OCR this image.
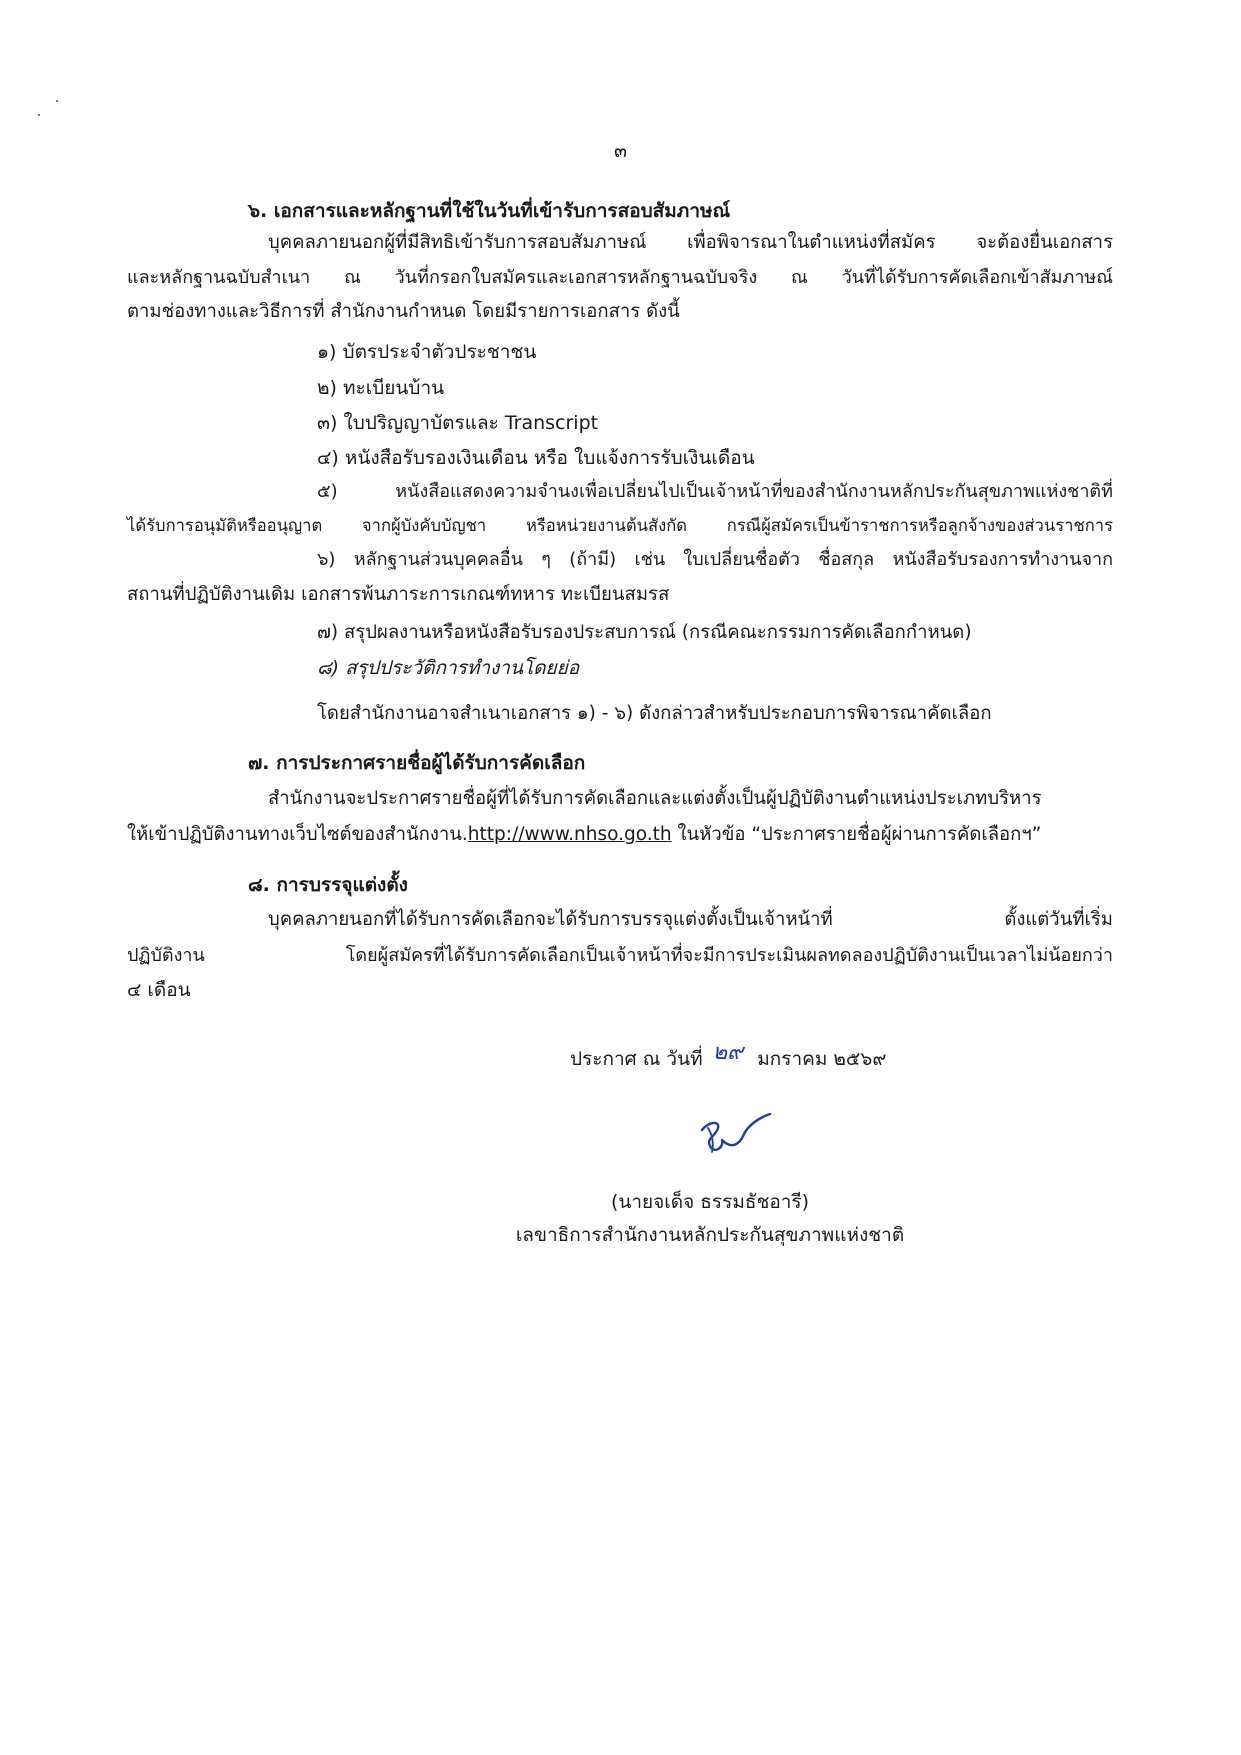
๓
๖. เอกสารและหลักฐานที่ใช้ในวันที่เข้ารับการสอบสัมภาษณ์
บุคคลภายนอกผู้ที่มีสิทธิเข้ารับการสอบสัมภาษณ์ เพื่อพิจารณาในตำแหน่งที่สมัคร จะต้องยื่นเอกสาร
และหลักฐานฉบับสำเนา ณ วันที่กรอกใบสมัครและเอกสารหลักฐานฉบับจริง ณ วันที่ได้รับการคัดเลือกเข้าสัมภาษณ์
ตามช่องทางและวิธีการที่ สำนักงานกำหนด โดยมีรายการเอกสาร ดังนี้
๑) บัตรประจำตัวประชาชน
๒) ทะเบียนบ้าน
๓) ใบปริญญาบัตรและ Transcript
๔) หนังสือรับรองเงินเดือน หรือ ใบแจ้งการรับเงินเดือน
๕) หนังสือแสดงความจำนงเพื่อเปลี่ยนไปเป็นเจ้าหน้าที่ของสำนักงานหลักประกันสุขภาพแห่งชาติที่
ได้รับการอนุมัติหรืออนุญาต จากผู้บังคับบัญชา หรือหน่วยงานต้นสังกัด กรณีผู้สมัครเป็นข้าราชการหรือลูกจ้างของส่วนราชการ
๖) หลักฐานส่วนบุคคลอื่น ๆ (ถ้ามี) เช่น ใบเปลี่ยนชื่อตัว ชื่อสกุล หนังสือรับรองการทำงานจาก
สถานที่ปฏิบัติงานเดิม เอกสารพ้นภาระการเกณฑ์ทหาร ทะเบียนสมรส
๗) สรุปผลงานหรือหนังสือรับรองประสบการณ์ (กรณีคณะกรรมการคัดเลือกกำหนด)
๘) สรุปประวัติการทำงานโดยย่อ
โดยสำนักงานอาจสำเนาเอกสาร ๑) - ๖) ดังกล่าวสำหรับประกอบการพิจารณาคัดเลือก
๗. การประกาศรายชื่อผู้ได้รับการคัดเลือก
สำนักงานจะประกาศรายชื่อผู้ที่ได้รับการคัดเลือกและแต่งตั้งเป็นผู้ปฏิบัติงานตำแหน่งประเภทบริหาร
ให้เข้าปฏิบัติงานทางเว็บไซต์ของสำนักงาน.http://www.nhso.go.th ในหัวข้อ “ประกาศรายชื่อผู้ผ่านการคัดเลือกฯ”
๘. การบรรจุแต่งตั้ง
บุคคลภายนอกที่ได้รับการคัดเลือกจะได้รับการบรรจุแต่งตั้งเป็นเจ้าหน้าที่ ตั้งแต่วันที่เริ่ม
ปฏิบัติงาน โดยผู้สมัครที่ได้รับการคัดเลือกเป็นเจ้าหน้าที่จะมีการประเมินผลทดลองปฏิบัติงานเป็นเวลาไม่น้อยกว่า
๔ เดือน
ประกาศ ณ วันที่ ๒๙ มกราคม ๒๕๖๙
(นายจเด็จ ธรรมธัชอารี)
เลขาธิการสำนักงานหลักประกันสุขภาพแห่งชาติ
